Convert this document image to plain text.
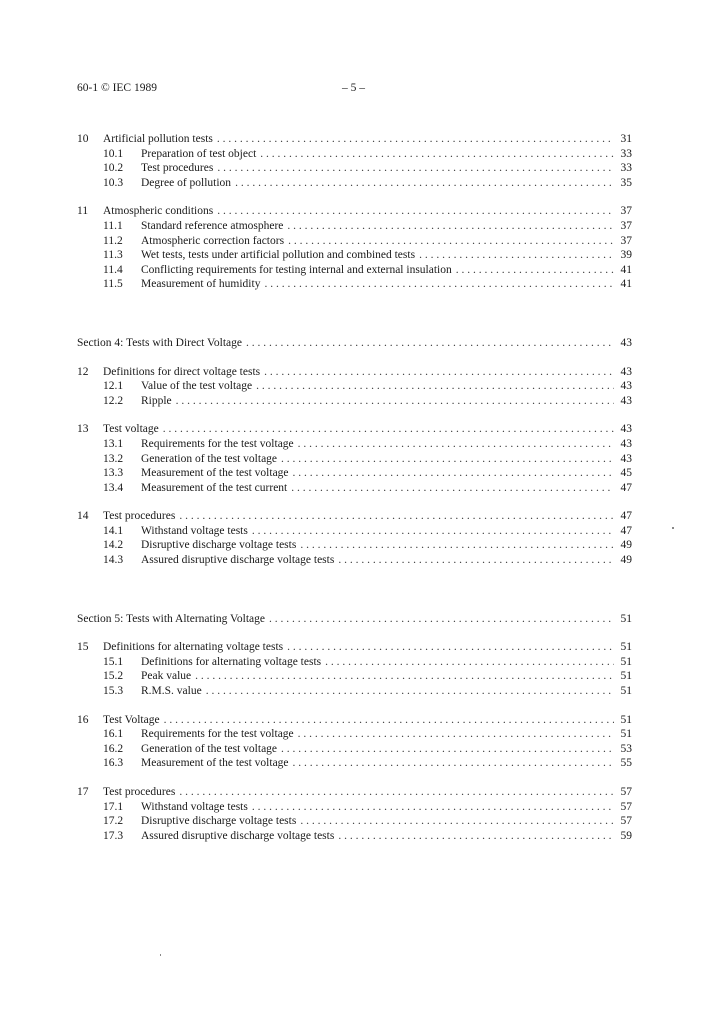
60-1 © IEC 1989	– 5 –
10	Artificial pollution tests . . .	31
10.1	Preparation of test object . . .	33
10.2	Test procedures . . .	33
10.3	Degree of pollution . . .	35
11	Atmospheric conditions . . .	37
11.1	Standard reference atmosphere . . .	37
11.2	Atmospheric correction factors . . .	37
11.3	Wet tests, tests under artificial pollution and combined tests . . .	39
11.4	Conflicting requirements for testing internal and external insulation . . .	41
11.5	Measurement of humidity . . .	41
Section 4: Tests with Direct Voltage . . .	43
12	Definitions for direct voltage tests . . .	43
12.1	Value of the test voltage . . .	43
12.2	Ripple . . .	43
13	Test voltage . . .	43
13.1	Requirements for the test voltage . . .	43
13.2	Generation of the test voltage . . .	43
13.3	Measurement of the test voltage . . .	45
13.4	Measurement of the test current . . .	47
14	Test procedures . . .	47
14.1	Withstand voltage tests . . .	47
14.2	Disruptive discharge voltage tests . . .	49
14.3	Assured disruptive discharge voltage tests . . .	49
Section 5: Tests with Alternating Voltage . . .	51
15	Definitions for alternating voltage tests . . .	51
15.1	Definitions for alternating voltage tests . . .	51
15.2	Peak value . . .	51
15.3	R.M.S. value . . .	51
16	Test Voltage . . .	51
16.1	Requirements for the test voltage . . .	51
16.2	Generation of the test voltage . . .	53
16.3	Measurement of the test voltage . . .	55
17	Test procedures . . .	57
17.1	Withstand voltage tests . . .	57
17.2	Disruptive discharge voltage tests . . .	57
17.3	Assured disruptive discharge voltage tests . . .	59
